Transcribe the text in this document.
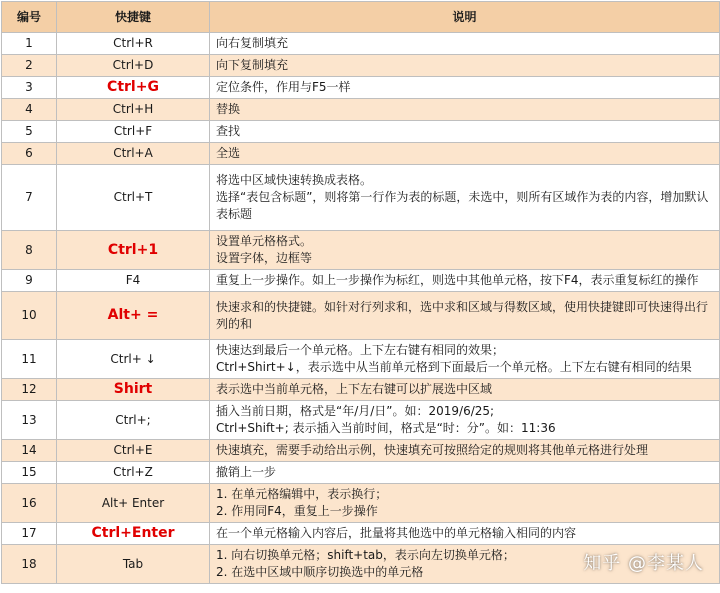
编号	快捷键	说明
1	Ctrl+R	向右复制填充

2	Ctrl+D	向下复制填充

3	Ctrl+G	定位条件，作用与F5一样

4	Ctrl+H	替换

5	Ctrl+F	查找

6	Ctrl+A	全选

7	Ctrl+T	将选中区域快速转换成表格。
选择“表包含标题”，则将第一行作为表的标题，未选中，则所有区域作为表的内容，增加默认表标题

8	Ctrl+1	设置单元格格式。
设置字体，边框等

9	F4	重复上一步操作。如上一步操作为标红，则选中其他单元格，按下F4，表示重复标红的操作

10	Alt+ =	快速求和的快捷键。如针对行列求和，选中求和区域与得数区域，使用快捷键即可快速得出行列的和

11	Ctrl+ ↓	快速达到最后一个单元格。上下左右键有相同的效果；
Ctrl+Shirt+↓，表示选中从当前单元格到下面最后一个单元格。上下左右键有相同的结果

12	Shirt	表示选中当前单元格，上下左右键可以扩展选中区域

13	Ctrl+;	插入当前日期，格式是“年/月/日”。如：2019/6/25;
Ctrl+Shift+; 表示插入当前时间，格式是“时：分”。如：11:36

14	Ctrl+E	快速填充，需要手动给出示例，快速填充可按照给定的规则将其他单元格进行处理

15	Ctrl+Z	撤销上一步

16	Alt+ Enter	1. 在单元格编辑中，表示换行；
2. 作用同F4，重复上一步操作

17	Ctrl+Enter	在一个单元格输入内容后，批量将其他选中的单元格输入相同的内容

18	Tab	1. 向右切换单元格；shift+tab，表示向左切换单元格；
2. 在选中区域中顺序切换选中的单元格	知乎 @李某人
